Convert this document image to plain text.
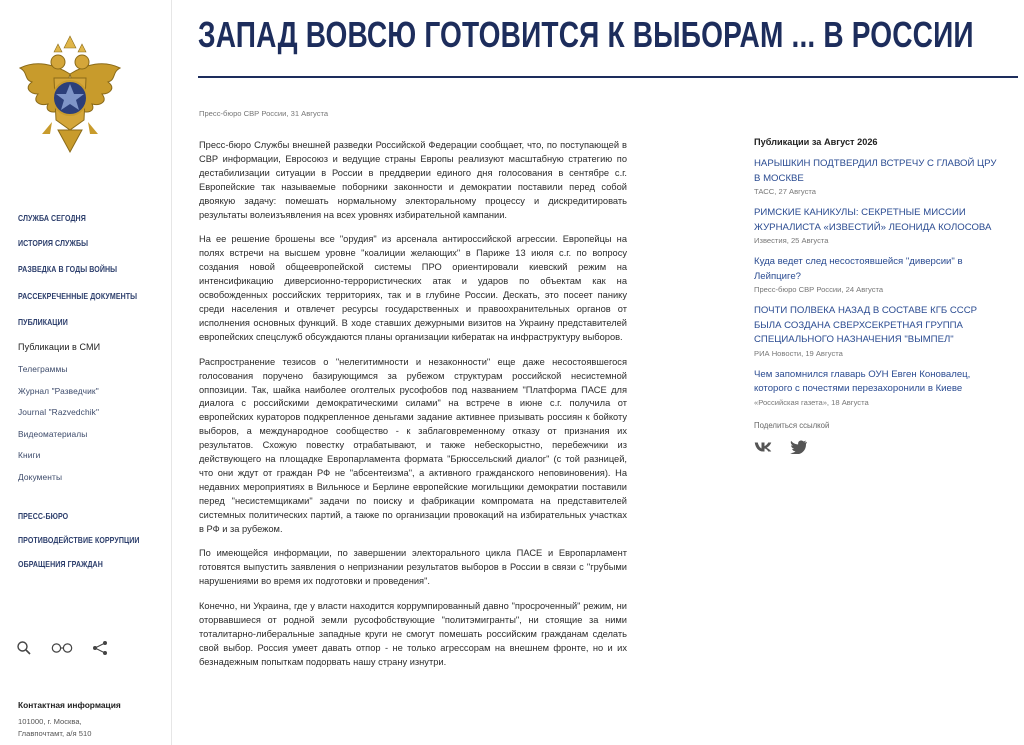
СЛУЖБА СЕГОДНЯ
ИСТОРИЯ СЛУЖБЫ
РАЗВЕДКА В ГОДЫ ВОЙНЫ
РАССЕКРЕЧЕННЫЕ ДОКУМЕНТЫ
ПУБЛИКАЦИИ
Публикации в СМИ
Телеграммы
Журнал "Разведчик"
Journal "Razvedchik"
Видеоматериалы
Книги
Документы
ПРЕСС-БЮРО
ПРОТИВОДЕЙСТВИЕ КОРРУПЦИИ
ОБРАЩЕНИЯ ГРАЖДАН
Контактная информация
101000, г. Москва,
Главпочтамт, а/я 510
ЗАПАД ВОВСЮ ГОТОВИТСЯ К ВЫБОРАМ ... В РОССИИ
Пресс-бюро СВР России, 31 Августа

Пресс-бюро Службы внешней разведки Российской Федерации сообщает, что, по поступающей в СВР информации, Евросоюз и ведущие страны Европы реализуют масштабную стратегию по дестабилизации ситуации в России в преддверии единого дня голосования в сентябре с.г. Европейские так называемые поборники законности и демократии поставили перед собой двоякую задачу: помешать нормальному электоральному процессу и дискредитировать результаты волеизъявления на всех уровнях избирательной кампании.

На ее решение брошены все "орудия" из арсенала антироссийской агрессии. Европейцы на полях встречи на высшем уровне "коалиции желающих" в Париже 13 июля с.г. по вопросу создания новой общеевропейской системы ПРО ориентировали киевский режим на интенсификацию диверсионно-террористических атак и ударов по объектам как на освобожденных российских территориях, так и в глубине России. Дескать, это посеет панику среди населения и отвлечет ресурсы государственных и правоохранительных органов от исполнения основных функций. В ходе ставших дежурными визитов на Украину представителей европейских спецслужб обсуждаются планы организации кибератак на инфраструктуру выборов.

Распространение тезисов о "нелегитимности и незаконности" еще даже несостоявшегося голосования поручено базирующимся за рубежом структурам российской несистемной оппозиции. Так, шайка наиболее оголтелых русофобов под названием "Платформа ПАСЕ для диалога с российскими демократическими силами" на встрече в июне с.г. получила от европейских кураторов подкрепленное деньгами задание активнее призывать россиян к бойкоту выборов, а международное сообщество - к заблаговременному отказу от признания их результатов. Схожую повестку отрабатывают, и также небескорыстно, перебежчики из действующего на площадке Европарламента формата "Брюссельский диалог" (с той разницей, что они ждут от граждан РФ не "абсентеизма", а активного гражданского неповиновения). На недавних мероприятиях в Вильнюсе и Берлине европейские могильщики демократии поставили перед "несистемщиками" задачи по поиску и фабрикации компромата на представителей системных политических партий, а также по организации провокаций на избирательных участках в РФ и за рубежом.

По имеющейся информации, по завершении электорального цикла ПАСЕ и Европарламент готовятся выпустить заявления о непризнании результатов выборов в России в связи с "грубыми нарушениями во время их подготовки и проведения".

Конечно, ни Украина, где у власти находится коррумпированный давно "просроченный" режим, ни оторвавшиеся от родной земли русофобствующие "политэмигранты", ни стоящие за ними тоталитарно-либеральные западные круги не смогут помешать российским гражданам сделать свой выбор. Россия умеет давать отпор - не только агрессорам на внешнем фронте, но и их безнадежным попыткам подорвать нашу страну изнутри.

Публикации за Август 2026
НАРЫШКИН ПОДТВЕРДИЛ ВСТРЕЧУ С ГЛАВОЙ ЦРУ В МОСКВЕ
ТАСС, 27 Августа
РИМСКИЕ КАНИКУЛЫ: СЕКРЕТНЫЕ МИССИИ ЖУРНАЛИСТА «ИЗВЕСТИЙ» ЛЕОНИДА КОЛОСОВА
Известия, 25 Августа
Куда ведет след несостоявшейся "диверсии" в Лейпциге?
Пресс-бюро СВР России, 24 Августа
ПОЧТИ ПОЛВЕКА НАЗАД В СОСТАВЕ КГБ СССР БЫЛА СОЗДАНА СВЕРХСЕКРЕТНАЯ ГРУППА СПЕЦИАЛЬНОГО НАЗНАЧЕНИЯ "ВЫМПЕЛ"
РИА Новости, 19 Августа
Чем запомнился главарь ОУН Евген Коновалец, которого с почестями перезахоронили в Киеве
«Российская газета», 18 Августа
Поделиться ссылкой
